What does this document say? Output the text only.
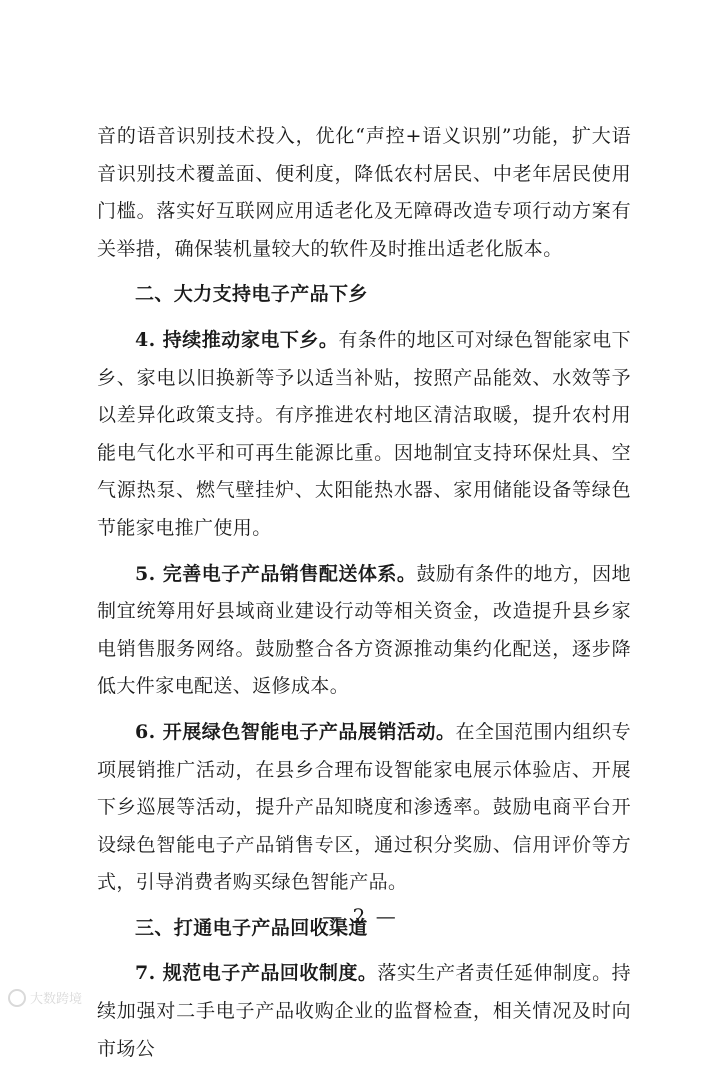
音的语音识别技术投入，优化“声控+语义识别”功能，扩大语音识别技术覆盖面、便利度，降低农村居民、中老年居民使用门槛。落实好互联网应用适老化及无障碍改造专项行动方案有关举措，确保装机量较大的软件及时推出适老化版本。

二、大力支持电子产品下乡

4. 持续推动家电下乡。有条件的地区可对绿色智能家电下乡、家电以旧换新等予以适当补贴，按照产品能效、水效等予以差异化政策支持。有序推进农村地区清洁取暖，提升农村用能电气化水平和可再生能源比重。因地制宜支持环保灶具、空气源热泵、燃气壁挂炉、太阳能热水器、家用储能设备等绿色节能家电推广使用。

5. 完善电子产品销售配送体系。鼓励有条件的地方，因地制宜统筹用好县域商业建设行动等相关资金，改造提升县乡家电销售服务网络。鼓励整合各方资源推动集约化配送，逐步降低大件家电配送、返修成本。

6. 开展绿色智能电子产品展销活动。在全国范围内组织专项展销推广活动，在县乡合理布设智能家电展示体验店、开展下乡巡展等活动，提升产品知晓度和渗透率。鼓励电商平台开设绿色智能电子产品销售专区，通过积分奖励、信用评价等方式，引导消费者购买绿色智能产品。

三、打通电子产品回收渠道

7. 规范电子产品回收制度。落实生产者责任延伸制度。持续加强对二手电子产品收购企业的监督检查，相关情况及时向市场公

— 2 —
大数跨境
